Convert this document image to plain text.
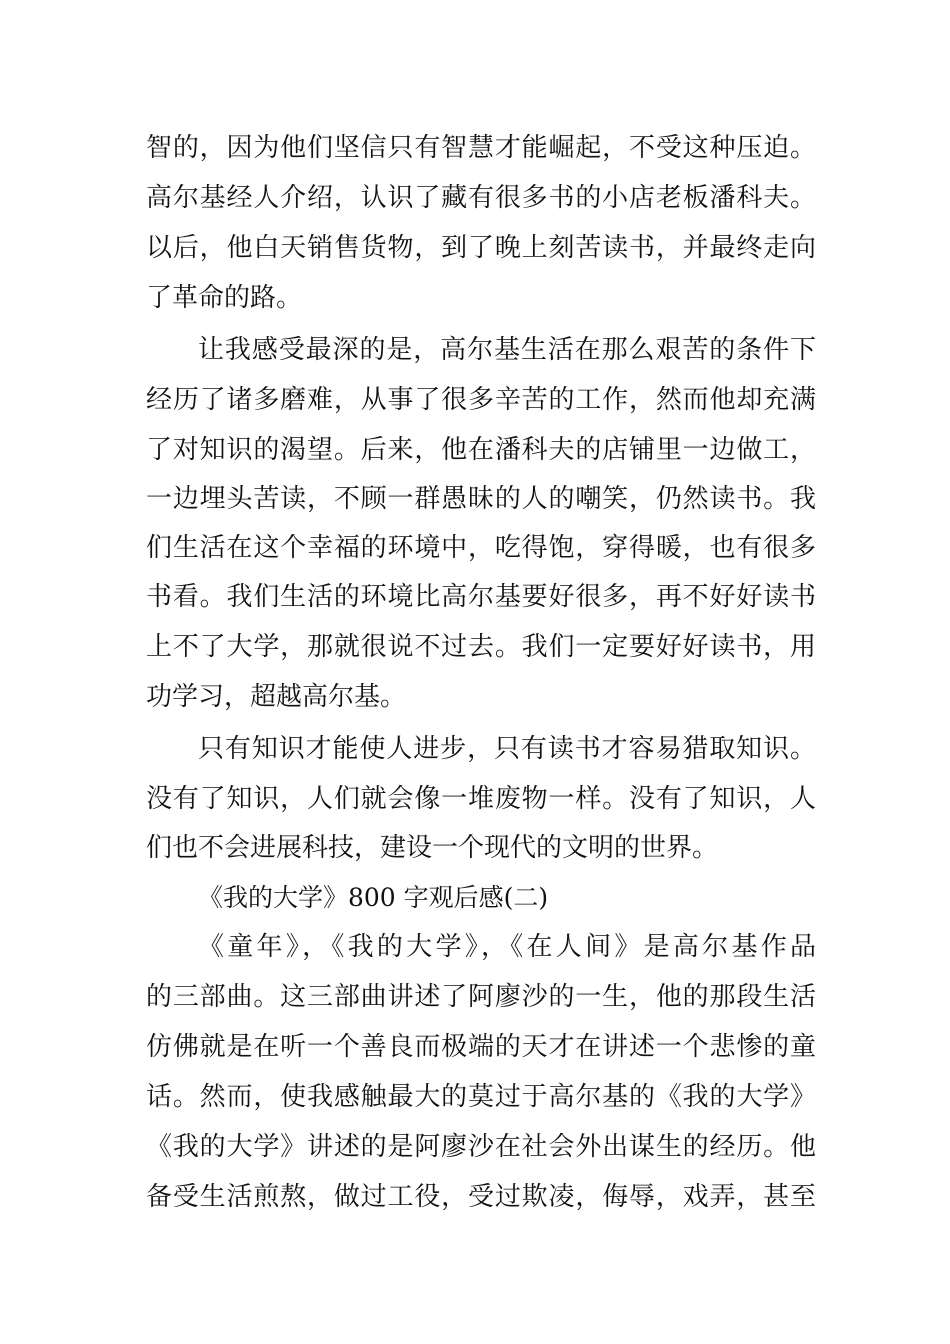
智的，因为他们坚信只有智慧才能崛起，不受这种压迫。
高尔基经人介绍，认识了藏有很多书的小店老板潘科夫。
以后，他白天销售货物，到了晚上刻苦读书，并最终走向
了革命的路。
让我感受最深的是，高尔基生活在那么艰苦的条件下
经历了诸多磨难，从事了很多辛苦的工作，然而他却充满
了对知识的渴望。后来，他在潘科夫的店铺里一边做工，
一边埋头苦读，不顾一群愚昧的人的嘲笑，仍然读书。我
们生活在这个幸福的环境中，吃得饱，穿得暖，也有很多
书看。我们生活的环境比高尔基要好很多，再不好好读书
上不了大学，那就很说不过去。我们一定要好好读书，用
功学习，超越高尔基。
只有知识才能使人进步，只有读书才容易猎取知识。
没有了知识，人们就会像一堆废物一样。没有了知识，人
们也不会进展科技，建设一个现代的文明的世界。
《我的大学》800 字观后感(二)
《童年》，《我的大学》，《在人间》是高尔基作品
的三部曲。这三部曲讲述了阿廖沙的一生，他的那段生活
仿佛就是在听一个善良而极端的天才在讲述一个悲惨的童
话。然而，使我感触最大的莫过于高尔基的《我的大学》
《我的大学》讲述的是阿廖沙在社会外出谋生的经历。他
备受生活煎熬，做过工役，受过欺凌，侮辱，戏弄，甚至
